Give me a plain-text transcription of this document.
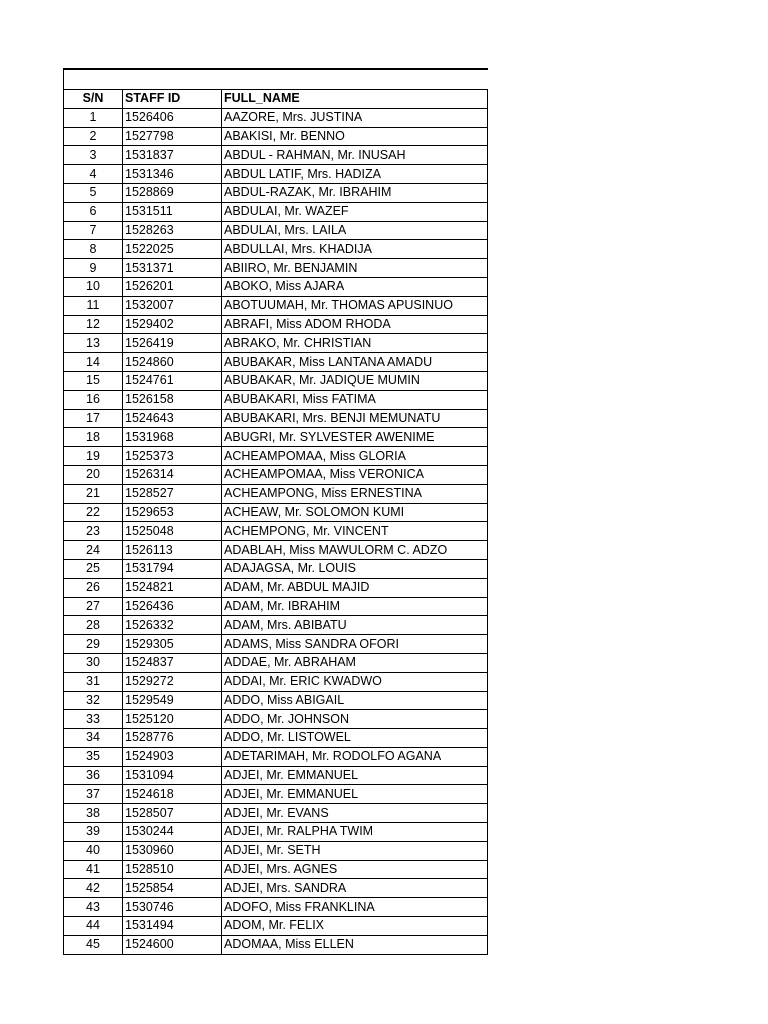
S/N	STAFF ID	FULL_NAME
1	1526406	AAZORE, Mrs. JUSTINA
2	1527798	ABAKISI, Mr. BENNO
3	1531837	ABDUL - RAHMAN, Mr. INUSAH
4	1531346	ABDUL LATIF, Mrs. HADIZA
5	1528869	ABDUL-RAZAK, Mr. IBRAHIM
6	1531511	ABDULAI, Mr. WAZEF
7	1528263	ABDULAI, Mrs. LAILA
8	1522025	ABDULLAI, Mrs. KHADIJA
9	1531371	ABIIRO, Mr. BENJAMIN
10	1526201	ABOKO, Miss AJARA
11	1532007	ABOTUUMAH, Mr. THOMAS APUSINUO
12	1529402	ABRAFI, Miss ADOM RHODA
13	1526419	ABRAKO, Mr. CHRISTIAN
14	1524860	ABUBAKAR, Miss LANTANA AMADU
15	1524761	ABUBAKAR, Mr. JADIQUE MUMIN
16	1526158	ABUBAKARI, Miss FATIMA
17	1524643	ABUBAKARI, Mrs. BENJI MEMUNATU
18	1531968	ABUGRI, Mr. SYLVESTER AWENIME
19	1525373	ACHEAMPOMAA, Miss GLORIA
20	1526314	ACHEAMPOMAA, Miss VERONICA
21	1528527	ACHEAMPONG, Miss ERNESTINA
22	1529653	ACHEAW, Mr. SOLOMON KUMI
23	1525048	ACHEMPONG, Mr. VINCENT
24	1526113	ADABLAH, Miss MAWULORM C. ADZO
25	1531794	ADAJAGSA, Mr. LOUIS
26	1524821	ADAM, Mr. ABDUL MAJID
27	1526436	ADAM, Mr. IBRAHIM
28	1526332	ADAM, Mrs. ABIBATU
29	1529305	ADAMS, Miss SANDRA OFORI
30	1524837	ADDAE, Mr. ABRAHAM
31	1529272	ADDAI, Mr. ERIC KWADWO
32	1529549	ADDO, Miss ABIGAIL
33	1525120	ADDO, Mr. JOHNSON
34	1528776	ADDO, Mr. LISTOWEL
35	1524903	ADETARIMAH, Mr. RODOLFO AGANA
36	1531094	ADJEI, Mr. EMMANUEL
37	1524618	ADJEI, Mr. EMMANUEL
38	1528507	ADJEI, Mr. EVANS
39	1530244	ADJEI, Mr. RALPHA TWIM
40	1530960	ADJEI, Mr. SETH
41	1528510	ADJEI, Mrs. AGNES
42	1525854	ADJEI, Mrs. SANDRA
43	1530746	ADOFO, Miss FRANKLINA
44	1531494	ADOM, Mr. FELIX
45	1524600	ADOMAA, Miss ELLEN
